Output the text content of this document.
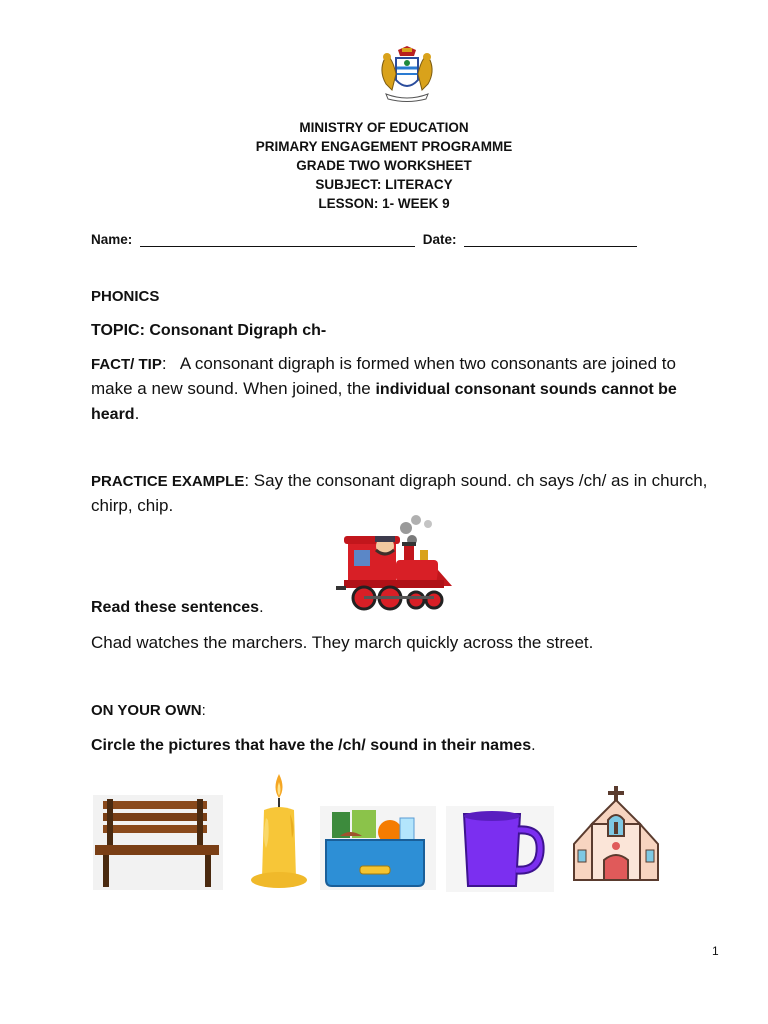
MINISTRY OF EDUCATION
PRIMARY ENGAGEMENT PROGRAMME
GRADE TWO WORKSHEET
SUBJECT: LITERACY
LESSON: 1- WEEK 9
Name:	Date:
PHONICS
TOPIC: Consonant Digraph ch-
FACT/ TIP: A consonant digraph is formed when two consonants are joined to make a new sound. When joined, the individual consonant sounds cannot be heard.
PRACTICE EXAMPLE: Say the consonant digraph sound. ch says /ch/ as in church, chirp, chip.
Read these sentences.
Chad watches the marchers. They march quickly across the street.
ON YOUR OWN:
Circle the pictures that have the /ch/ sound in their names.
1
